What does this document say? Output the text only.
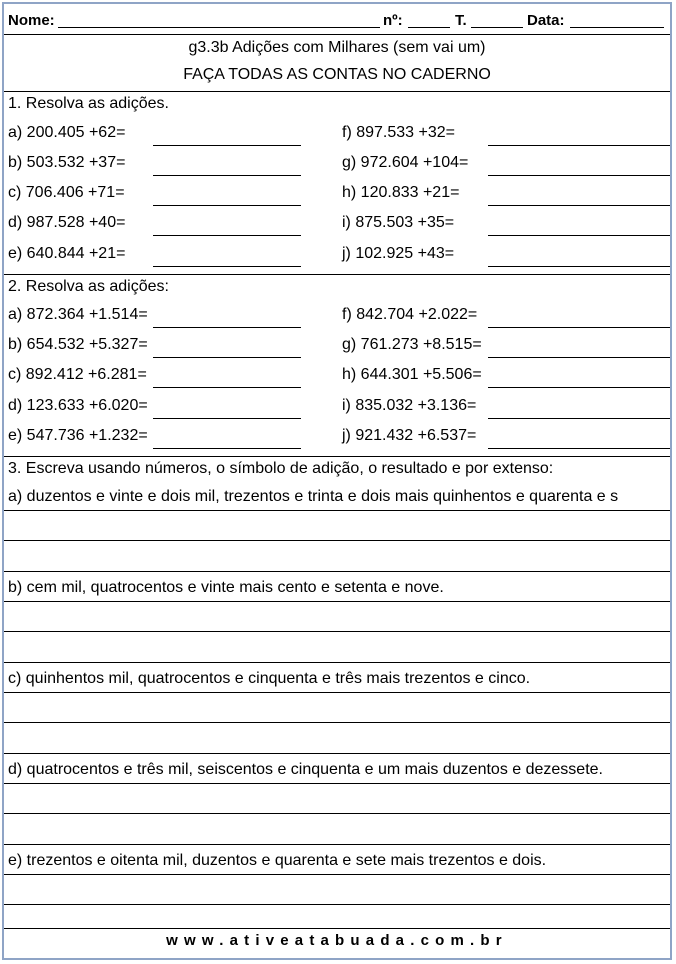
Nome:	nº:	T.	Data:
g3.3b Adições com Milhares (sem vai um)
FAÇA TODAS AS CONTAS NO CADERNO
1. Resolva as adições.
a) 200.405 +62=
b) 503.532 +37=
c) 706.406 +71=
d) 987.528 +40=
e) 640.844 +21=
f) 897.533 +32=
g) 972.604 +104=
h) 120.833 +21=
i) 875.503 +35=
j) 102.925 +43=
2. Resolva as adições:
a) 872.364 +1.514=
b) 654.532 +5.327=
c) 892.412 +6.281=
d) 123.633 +6.020=
e) 547.736 +1.232=
f) 842.704 +2.022=
g) 761.273 +8.515=
h) 644.301 +5.506=
i) 835.032 +3.136=
j) 921.432 +6.537=
3. Escreva usando números, o símbolo de adição, o resultado e por extenso:
a) duzentos e vinte e dois mil, trezentos e trinta e dois mais quinhentos e quarenta e s
b) cem mil, quatrocentos e vinte mais cento e setenta e nove.
c) quinhentos mil, quatrocentos e cinquenta e três mais trezentos e cinco.
d) quatrocentos e três mil, seiscentos e cinquenta e um mais duzentos e dezessete.
e) trezentos e oitenta mil, duzentos e quarenta e sete mais trezentos e dois.
www.ativeatabuada.com.br
